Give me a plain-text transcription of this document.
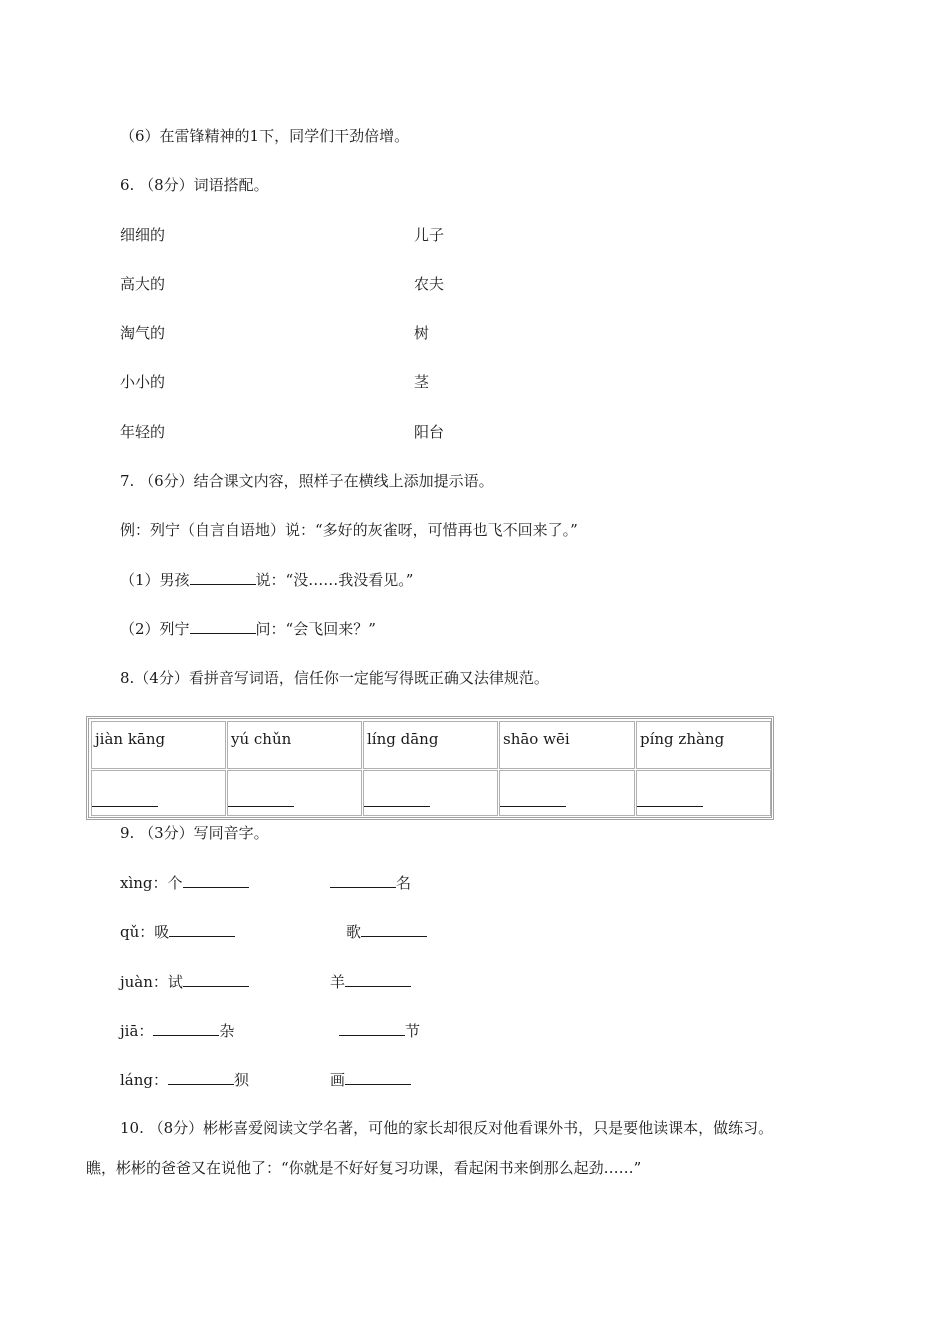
（6）在雷锋精神的1下，同学们干劲倍增。
6. （8分）词语搭配。
细细的	儿子
高大的	农夫
淘气的	树
小小的	茎
年轻的	阳台
7. （6分）结合课文内容，照样子在横线上添加提示语。
例：列宁（自言自语地）说：“多好的灰雀呀，可惜再也飞不回来了。”
（1）男孩	说：“没……我没看见。”
（2）列宁	问：“会飞回来？”
8.（4分）看拼音写词语，信任你一定能写得既正确又法律规范。
jiàn kāng	yú chǔn	líng dāng	shāo wēi	píng zhàng
9. （3分）写同音字。
xìng：个	名
qǔ：吸	歌
juàn：试	羊
jiā：	杂	节
láng：	狈	画
10. （8分）彬彬喜爱阅读文学名著，可他的家长却很反对他看课外书，只是要他读课本，做练习。
瞧，彬彬的爸爸又在说他了：“你就是不好好复习功课，看起闲书来倒那么起劲……”
